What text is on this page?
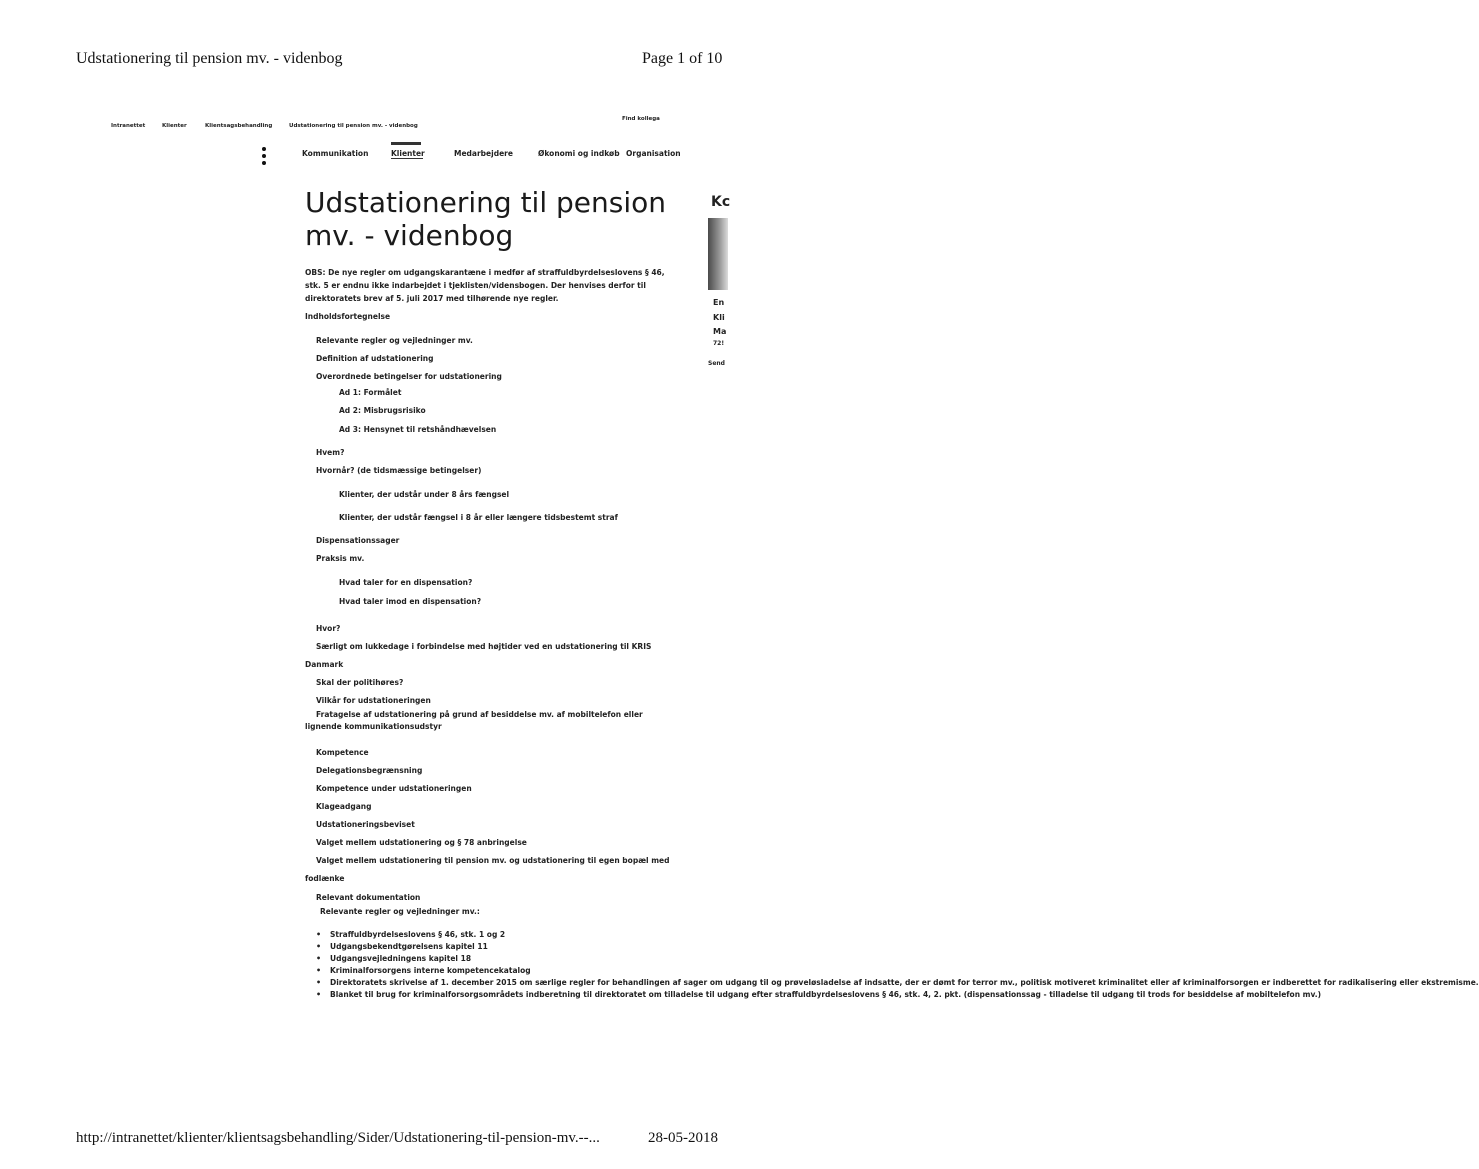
Udstationering til pension mv. - videnbog	Page 1 of 10
Intranettet	Klienter	Klientsagsbehandling	Udstationering til pension mv. - videnbog
Find kollega
Kommunikation	Klienter	Medarbejdere	Økonomi og indkøb Organisation
Udstationering til pension mv. - videnbog
OBS: De nye regler om udgangskarantæne i medfør af straffuldbyrdelseslovens § 46, stk. 5 er endnu ikke indarbejdet i tjeklisten/vidensbogen. Der henvises derfor til direktoratets brev af 5. juli 2017 med tilhørende nye regler.
Indholdsfortegnelse
Relevante regler og vejledninger mv.
Definition af udstationering
Overordnede betingelser for udstationering
Ad 1: Formålet
Ad 2: Misbrugsrisiko
Ad 3: Hensynet til retshåndhævelsen
Hvem?
Hvornår? (de tidsmæssige betingelser)
Klienter, der udstår under 8 års fængsel
Klienter, der udstår fængsel i 8 år eller længere tidsbestemt straf
Dispensationssager
Praksis mv.
Hvad taler for en dispensation?
Hvad taler imod en dispensation?
Hvor?
Særligt om lukkedage i forbindelse med højtider ved en udstationering til KRIS
Danmark
Skal der politihøres?
Vilkår for udstationeringen
Fratagelse af udstationering på grund af besiddelse mv. af mobiltelefon eller lignende kommunikationsudstyr
Kompetence
Delegationsbegrænsning
Kompetence under udstationeringen
Klageadgang
Udstationeringsbeviset
Valget mellem udstationering og § 78 anbringelse
Valget mellem udstationering til pension mv. og udstationering til egen bopæl med
fodlænke
Relevant dokumentation
Relevante regler og vejledninger mv.:
• Straffuldbyrdelseslovens § 46, stk. 1 og 2
• Udgangsbekendtgørelsens kapitel 11
• Udgangsvejledningens kapitel 18
• Kriminalforsorgens interne kompetencekatalog
• Direktoratets skrivelse af 1. december 2015 om særlige regler for behandlingen af sager om udgang til og prøveløsladelse af indsatte, der er dømt for terror mv., politisk motiveret kriminalitet eller af kriminalforsorgen er indberettet for radikalisering eller ekstremisme.
• Blanket til brug for kriminalforsorgsområdets indberetning til direktoratet om tilladelse til udgang efter straffuldbyrdelseslovens § 46, stk. 4, 2. pkt. (dispensationssag - tilladelse til udgang til trods for besiddelse af mobiltelefon mv.)
Kc
En
Kli
Ma
72!
Send
http://intranettet/klienter/klientsagsbehandling/Sider/Udstationering-til-pension-mv.--...	28-05-2018
